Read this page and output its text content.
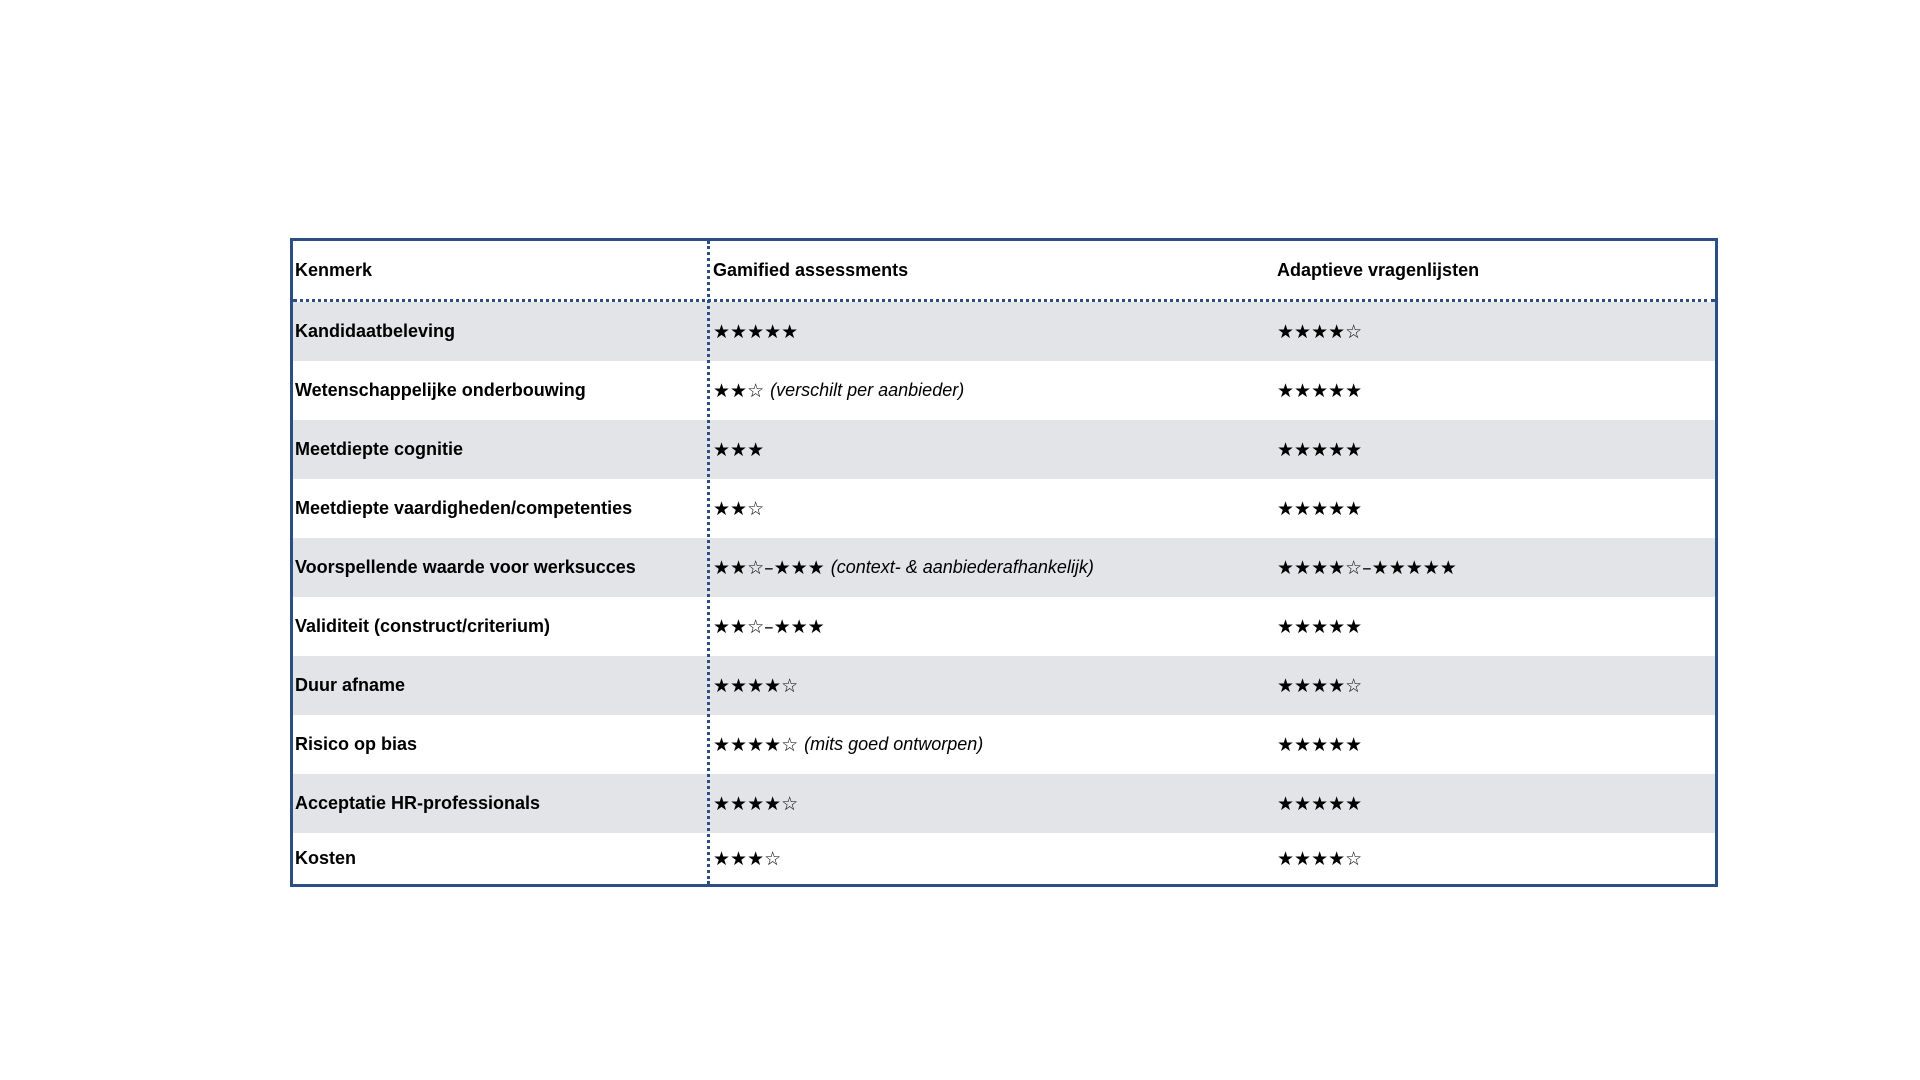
Kenmerk	Gamified assessments	Adaptieve vragenlijsten
Kandidaatbeleving	★★★★★	★★★★☆
Wetenschappelijke onderbouwing	★★☆ (verschilt per aanbieder)	★★★★★
Meetdiepte cognitie	★★★	★★★★★
Meetdiepte vaardigheden/competenties	★★☆	★★★★★
Voorspellende waarde voor werksucces	★★☆–★★★ (context- & aanbiederafhankelijk)	★★★★☆–★★★★★
Validiteit (construct/criterium)	★★☆–★★★	★★★★★
Duur afname	★★★★☆	★★★★☆
Risico op bias	★★★★☆ (mits goed ontworpen)	★★★★★
Acceptatie HR-professionals	★★★★☆	★★★★★
Kosten	★★★☆	★★★★☆
